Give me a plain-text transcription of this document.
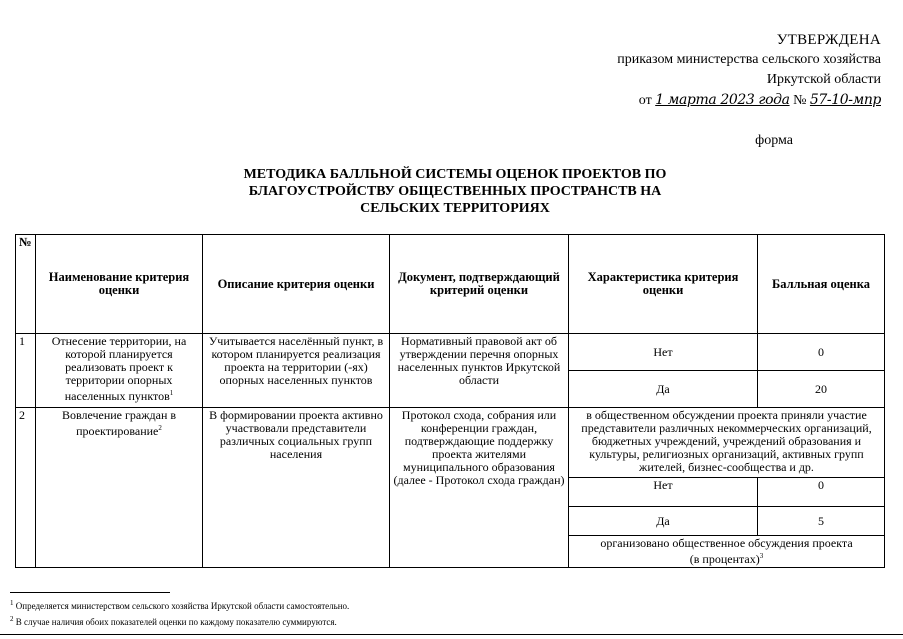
УТВЕРЖДЕНА
приказом министерства сельского хозяйства
Иркутской области
от 1 марта 2023 года № 57-10-мпр
форма
МЕТОДИКА БАЛЛЬНОЙ СИСТЕМЫ ОЦЕНОК ПРОЕКТОВ ПО
БЛАГОУСТРОЙСТВУ ОБЩЕСТВЕННЫХ ПРОСТРАНСТВ НА
СЕЛЬСКИХ ТЕРРИТОРИЯХ
№	Наименование критерия оценки	Описание критерия оценки	Документ, подтверждающий критерий оценки	Характеристика критерия оценки	Балльная оценка
1	Отнесение территории, на которой планируется реализовать проект к территории опорных населенных пунктов$^1$	Учитывается населённый пункт, в котором планируется реализация проекта на территории (-ях) опорных населенных пунктов	Нормативный правовой акт об утверждении перечня опорных населенных пунктов Иркутской области	Нет	0
				Да	20
2	Вовлечение граждан в проектирование$^2$	В формировании проекта активно участвовали представители различных социальных групп населения	Протокол схода, собрания или конференции граждан, подтверждающие поддержку проекта жителями муниципального образования (далее - Протокол схода граждан)	в общественном обсуждении проекта приняли участие представители различных некоммерческих организаций, бюджетных учреждений, учреждений образования и культуры, религиозных организаций, активных групп жителей, бизнес-сообщества и др.	
				Нет	0
				Да	5

				организовано общественное обсуждения проекта
(в процентах)$^3$
$^1$ Определяется министерством сельского хозяйства Иркутской области самостоятельно.
$^2$ В случае наличия обоих показателей оценки по каждому показателю суммируются.
